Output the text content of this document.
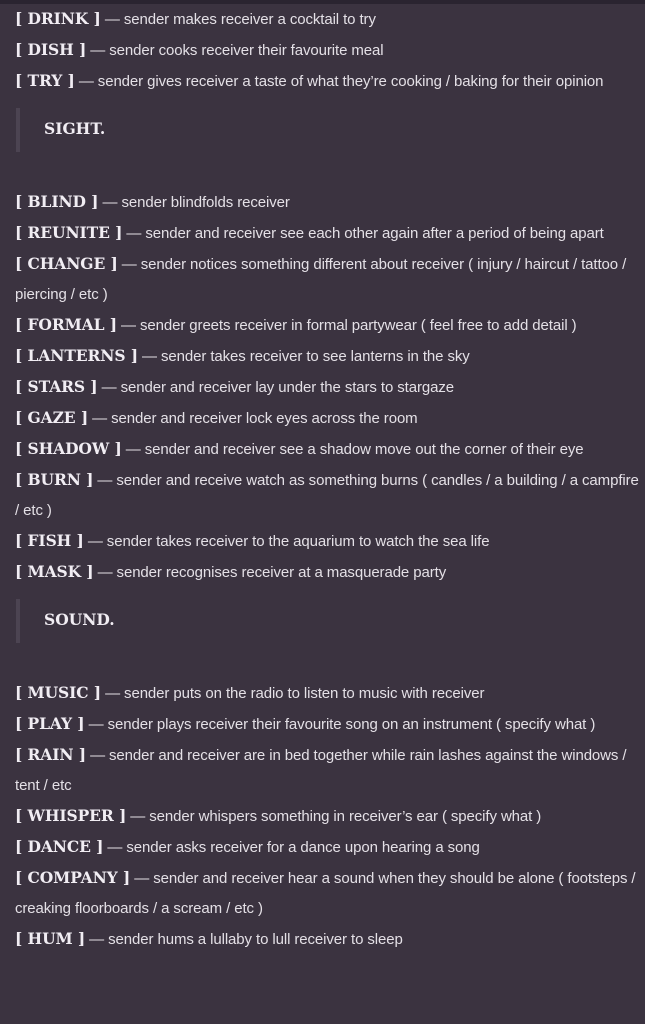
[ DRINK ] — sender makes receiver a cocktail to try

[ DISH ] — sender cooks receiver their favourite meal

[ TRY ] — sender gives receiver a taste of what they’re cooking / baking for their opinion

SIGHT.

[ BLIND ] — sender blindfolds receiver

[ REUNITE ] — sender and receiver see each other again after a period of being apart

[ CHANGE ] — sender notices something different about receiver ( injury / haircut / tattoo / piercing / etc )

[ FORMAL ] — sender greets receiver in formal partywear ( feel free to add detail )

[ LANTERNS ] — sender takes receiver to see lanterns in the sky

[ STARS ] — sender and receiver lay under the stars to stargaze

[ GAZE ] — sender and receiver lock eyes across the room

[ SHADOW ] — sender and receiver see a shadow move out the corner of their eye

[ BURN ] — sender and receive watch as something burns ( candles / a building / a campfire / etc )

[ FISH ] — sender takes receiver to the aquarium to watch the sea life

[ MASK ] — sender recognises receiver at a masquerade party

SOUND.

[ MUSIC ] — sender puts on the radio to listen to music with receiver

[ PLAY ] — sender plays receiver their favourite song on an instrument ( specify what )

[ RAIN ] — sender and receiver are in bed together while rain lashes against the windows / tent / etc

[ WHISPER ] — sender whispers something in receiver’s ear ( specify what )

[ DANCE ] — sender asks receiver for a dance upon hearing a song

[ COMPANY ] — sender and receiver hear a sound when they should be alone ( footsteps / creaking floorboards / a scream / etc )

[ HUM ] — sender hums a lullaby to lull receiver to sleep
